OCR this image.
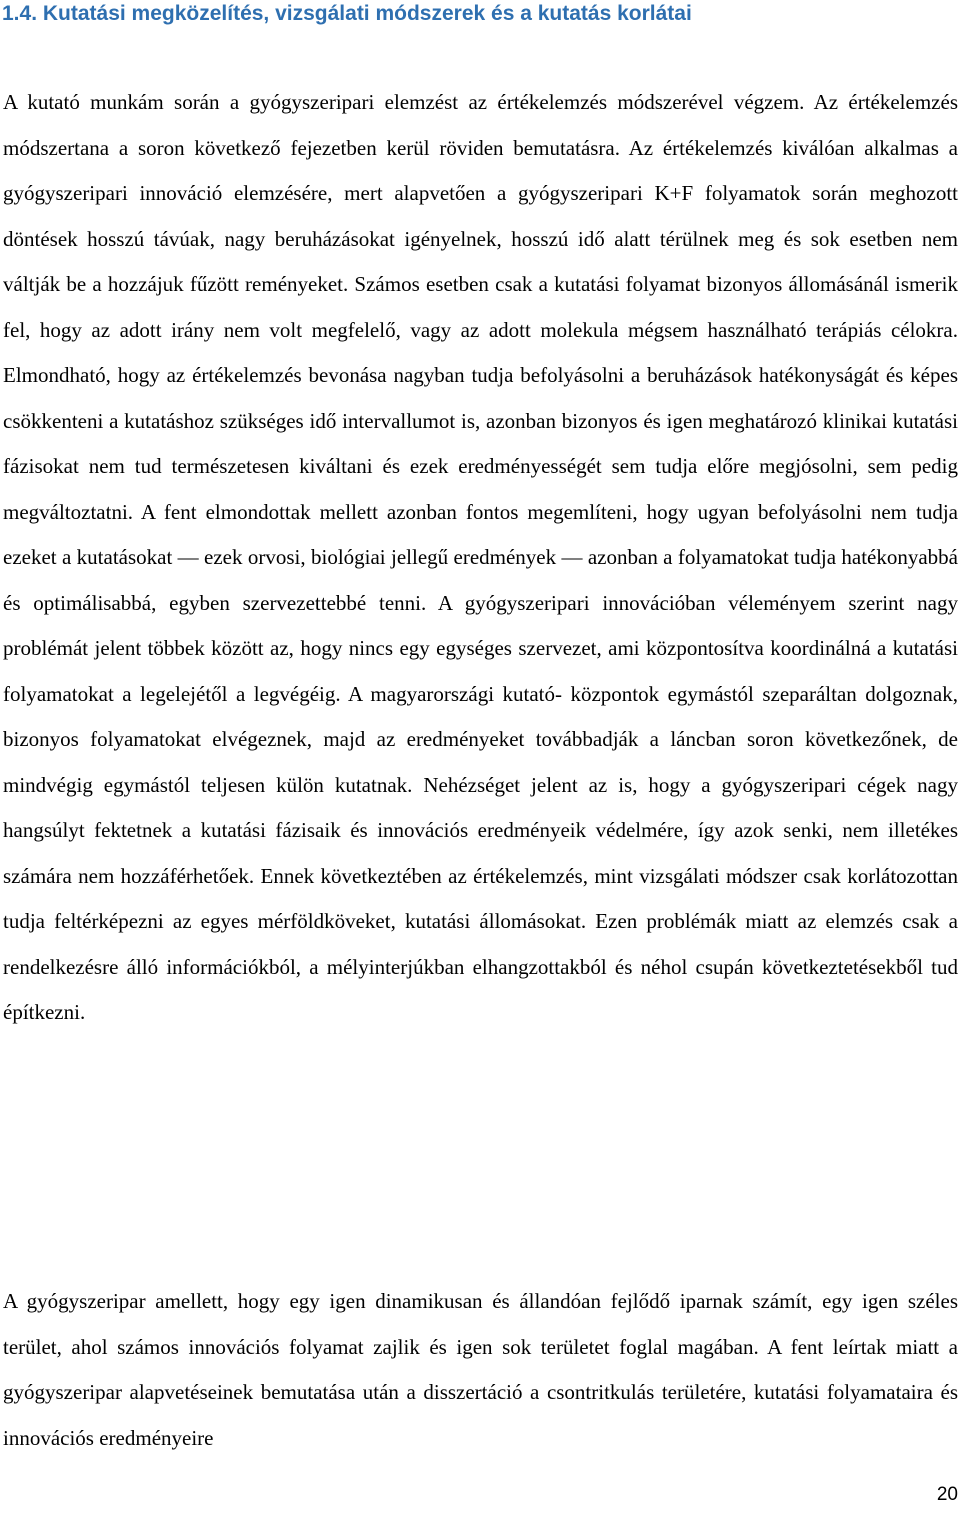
1.4. Kutatási megközelítés, vizsgálati módszerek és a kutatás korlátai

A kutató munkám során a gyógyszeripari elemzést az értékelemzés módszerével végzem. Az értékelemzés módszertana a soron következő fejezetben kerül röviden bemutatásra. Az értékelemzés kiválóan alkalmas a gyógyszeripari innováció elemzésére, mert alapvetően a gyógyszeripari K+F folyamatok során meghozott döntések hosszú távúak, nagy beruházásokat igényelnek, hosszú idő alatt térülnek meg és sok esetben nem váltják be a hozzájuk fűzött reményeket. Számos esetben csak a kutatási folyamat bizonyos állomásánál ismerik fel, hogy az adott irány nem volt megfelelő, vagy az adott molekula mégsem használható terápiás célokra. Elmondható, hogy az értékelemzés bevonása nagyban tudja befolyásolni a beruházások hatékonyságát és képes csökkenteni a kutatáshoz szükséges idő intervallumot is, azonban bizonyos és igen meghatározó klinikai kutatási fázisokat nem tud természetesen kiváltani és ezek eredményességét sem tudja előre megjósolni, sem pedig megváltoztatni. A fent elmondottak mellett azonban fontos megemlíteni, hogy ugyan befolyásolni nem tudja ezeket a kutatásokat — ezek orvosi, biológiai jellegű eredmények — azonban a folyamatokat tudja hatékonyabbá és optimálisabbá, egyben szervezettebbé tenni. A gyógyszeripari innovációban véleményem szerint nagy problémát jelent többek között az, hogy nincs egy egységes szervezet, ami központosítva koordinálná a kutatási folyamatokat a legelejétől a legvégéig. A magyarországi kutató- központok egymástól szeparáltan dolgoznak, bizonyos folyamatokat elvégeznek, majd az eredményeket továbbadják a láncban soron következőnek, de mindvégig egymástól teljesen külön kutatnak. Nehézséget jelent az is, hogy a gyógyszeripari cégek nagy hangsúlyt fektetnek a kutatási fázisaik és innovációs eredményeik védelmére, így azok senki, nem illetékes számára nem hozzáférhetőek. Ennek következtében az értékelemzés, mint vizsgálati módszer csak korlátozottan tudja feltérképezni az egyes mérföldköveket, kutatási állomásokat. Ezen problémák miatt az elemzés csak a rendelkezésre álló információkból, a mélyinterjúkban elhangzottakból és néhol csupán következtetésekből tud építkezni.

A gyógyszeripar amellett, hogy egy igen dinamikusan és állandóan fejlődő iparnak számít, egy igen széles terület, ahol számos innovációs folyamat zajlik és igen sok területet foglal magában. A fent leírtak miatt a gyógyszeripar alapvetéseinek bemutatása után a disszertáció a csontritkulás területére, kutatási folyamataira és innovációs eredményeire

20
